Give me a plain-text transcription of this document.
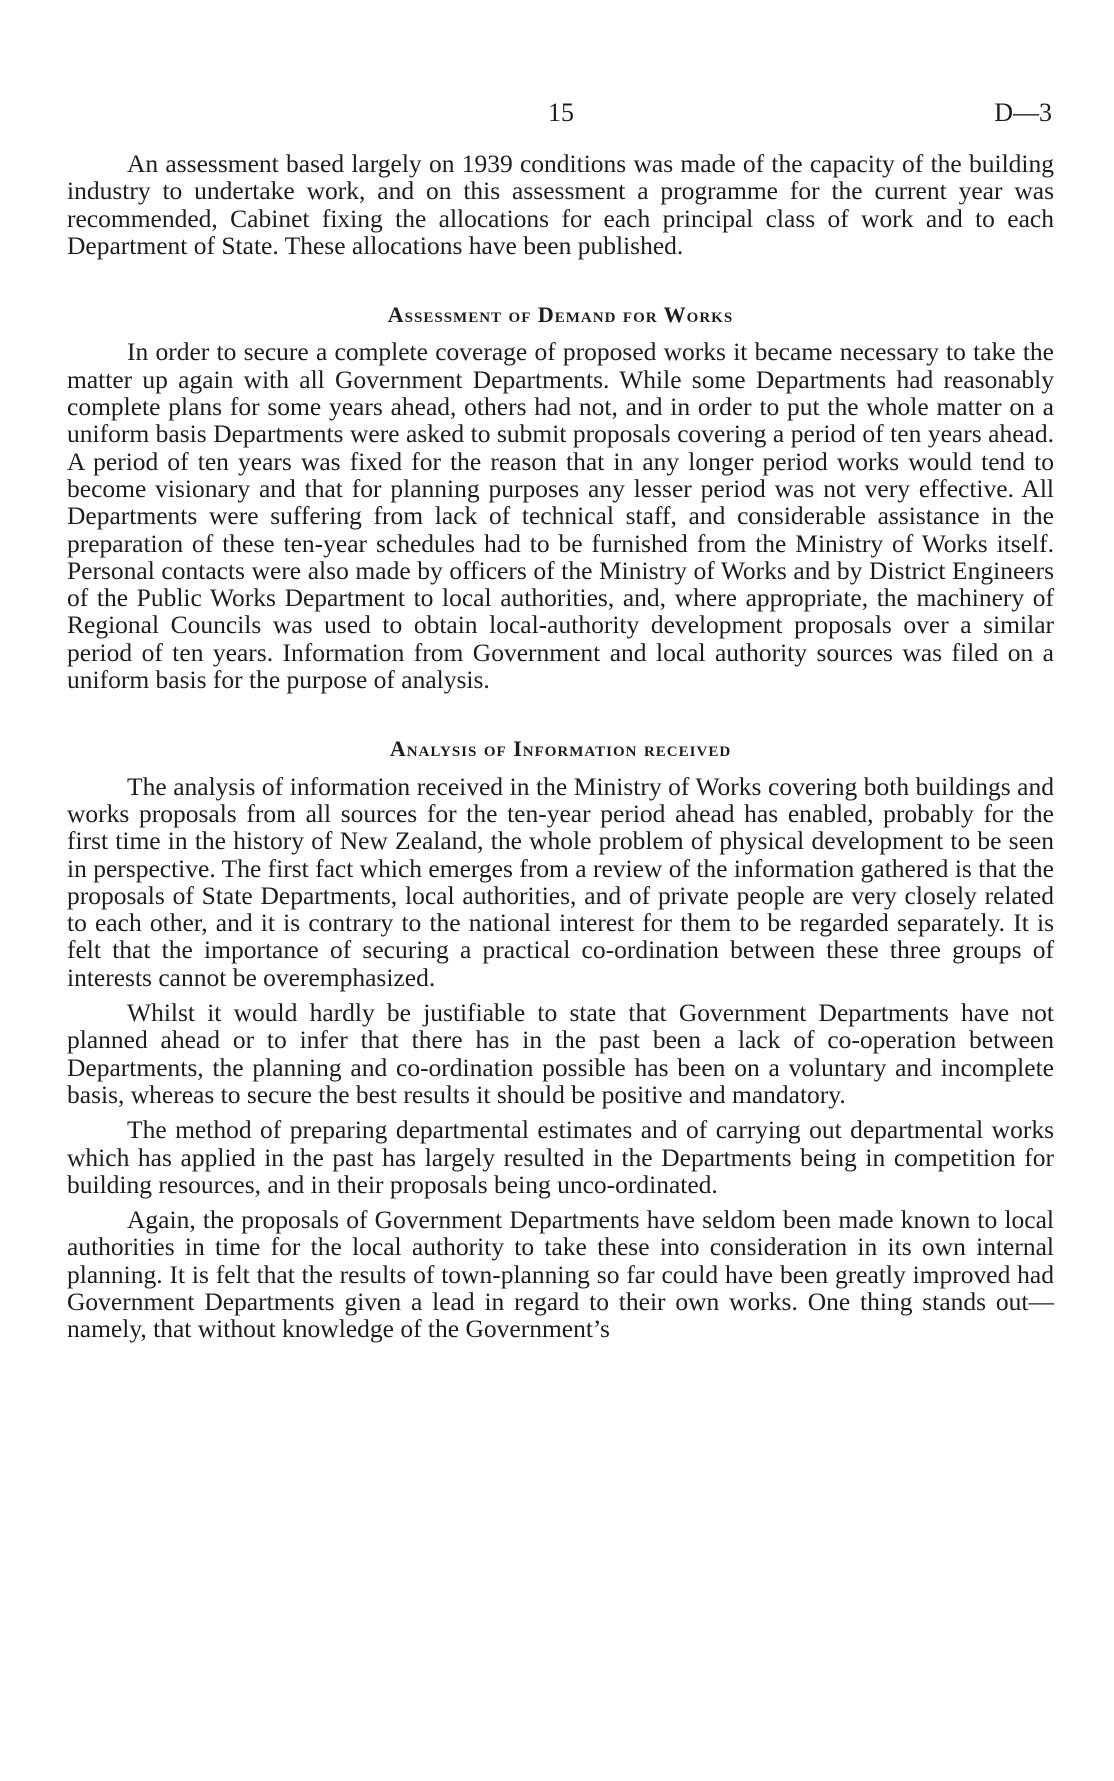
15	D—3

An assessment based largely on 1939 conditions was made of the capacity of the building industry to undertake work, and on this assessment a programme for the current year was recommended, Cabinet fixing the allocations for each principal class of work and to each Department of State. These allocations have been published.

Assessment of Demand for Works

In order to secure a complete coverage of proposed works it became necessary to take the matter up again with all Government Departments. While some Departments had reasonably complete plans for some years ahead, others had not, and in order to put the whole matter on a uniform basis Departments were asked to submit proposals covering a period of ten years ahead. A period of ten years was fixed for the reason that in any longer period works would tend to become visionary and that for planning purposes any lesser period was not very effective. All Departments were suffering from lack of technical staff, and considerable assistance in the preparation of these ten-year schedules had to be furnished from the Ministry of Works itself. Personal contacts were also made by officers of the Ministry of Works and by District Engineers of the Public Works Department to local authorities, and, where appropriate, the machinery of Regional Councils was used to obtain local-authority development proposals over a similar period of ten years. Information from Government and local authority sources was filed on a uniform basis for the purpose of analysis.

Analysis of Information received

The analysis of information received in the Ministry of Works covering both buildings and works proposals from all sources for the ten-year period ahead has enabled, probably for the first time in the history of New Zealand, the whole problem of physical development to be seen in perspective. The first fact which emerges from a review of the information gathered is that the proposals of State Departments, local authorities, and of private people are very closely related to each other, and it is contrary to the national interest for them to be regarded separately. It is felt that the importance of securing a practical co-ordination between these three groups of interests cannot be overemphasized.

Whilst it would hardly be justifiable to state that Government Departments have not planned ahead or to infer that there has in the past been a lack of co-operation between Departments, the planning and co-ordination possible has been on a voluntary and incomplete basis, whereas to secure the best results it should be positive and mandatory.

The method of preparing departmental estimates and of carrying out departmental works which has applied in the past has largely resulted in the Departments being in competition for building resources, and in their proposals being unco-ordinated.

Again, the proposals of Government Departments have seldom been made known to local authorities in time for the local authority to take these into consideration in its own internal planning. It is felt that the results of town-planning so far could have been greatly improved had Government Departments given a lead in regard to their own works. One thing stands out—namely, that without knowledge of the Government’s
